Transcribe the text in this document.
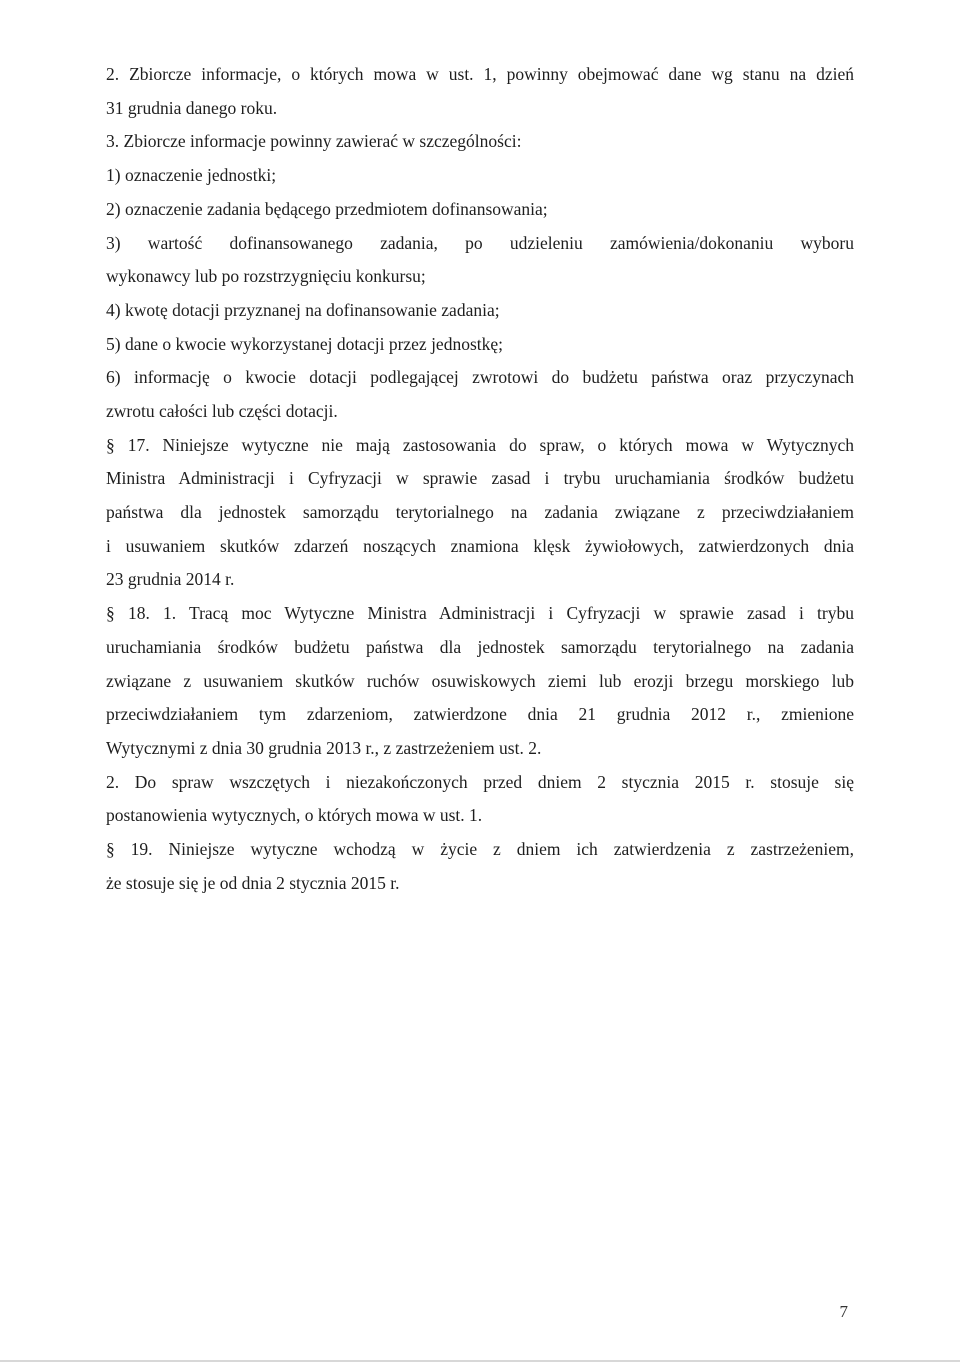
2. Zbiorcze informacje, o których mowa w ust. 1, powinny obejmować dane wg stanu na dzień
31 grudnia danego roku.
3. Zbiorcze informacje powinny zawierać w szczególności:
1) oznaczenie jednostki;
2) oznaczenie zadania będącego przedmiotem dofinansowania;
3) wartość dofinansowanego zadania, po udzieleniu zamówienia/dokonaniu wyboru
wykonawcy lub po rozstrzygnięciu konkursu;
4) kwotę dotacji przyznanej na dofinansowanie zadania;
5) dane o kwocie wykorzystanej dotacji przez jednostkę;
6) informację o kwocie dotacji podlegającej zwrotowi do budżetu państwa oraz przyczynach
zwrotu całości lub części dotacji.
§ 17. Niniejsze wytyczne nie mają zastosowania do spraw, o których mowa w Wytycznych
Ministra Administracji i Cyfryzacji w sprawie zasad i trybu uruchamiania środków budżetu
państwa dla jednostek samorządu terytorialnego na zadania związane z przeciwdziałaniem
i usuwaniem skutków zdarzeń noszących znamiona klęsk żywiołowych, zatwierdzonych dnia
23 grudnia 2014 r.
§ 18. 1. Tracą moc Wytyczne Ministra Administracji i Cyfryzacji w sprawie zasad i trybu
uruchamiania środków budżetu państwa dla jednostek samorządu terytorialnego na zadania
związane z usuwaniem skutków ruchów osuwiskowych ziemi lub erozji brzegu morskiego lub
przeciwdziałaniem tym zdarzeniom, zatwierdzone dnia 21 grudnia 2012 r., zmienione
Wytycznymi z dnia 30 grudnia 2013 r., z zastrzeżeniem ust. 2.
2. Do spraw wszczętych i niezakończonych przed dniem 2 stycznia 2015 r. stosuje się
postanowienia wytycznych, o których mowa w ust. 1.
§ 19. Niniejsze wytyczne wchodzą w życie z dniem ich zatwierdzenia z zastrzeżeniem,
że stosuje się je od dnia 2 stycznia 2015 r.
7
